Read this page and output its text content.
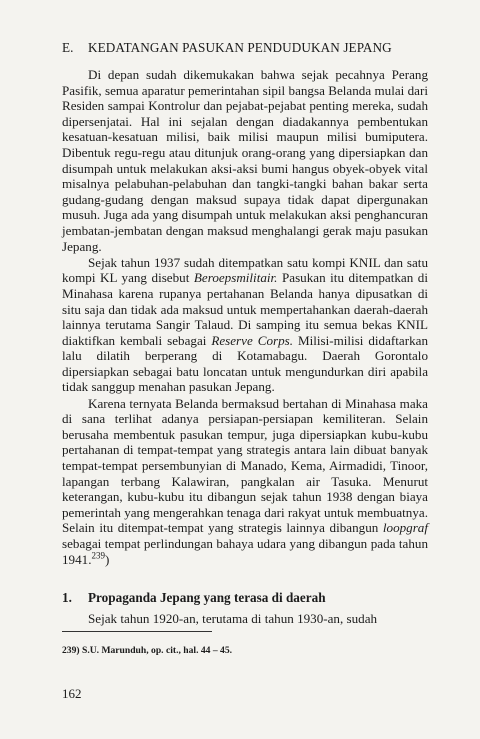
E. KEDATANGAN PASUKAN PENDUDUKAN JEPANG

Di depan sudah dikemukakan bahwa sejak pecahnya Perang Pasifik, semua aparatur pemerintahan sipil bangsa Belanda mulai dari Residen sampai Kontrolur dan pejabat-pejabat penting mereka, sudah dipersenjatai. Hal ini sejalan dengan diadakannya pembentukan kesatuan-kesatuan milisi, baik milisi maupun milisi bumiputera. Dibentuk regu-regu atau ditunjuk orang-orang yang dipersiapkan dan disumpah untuk melakukan aksi-aksi bumi hangus obyek-obyek vital misalnya pelabuhan-pelabuhan dan tangki-tangki bahan bakar serta gudang-gudang dengan maksud supaya tidak dapat dipergunakan musuh. Juga ada yang disumpah untuk melakukan aksi penghancuran jembatan-jembatan dengan maksud menghalangi gerak maju pasukan Jepang.

Sejak tahun 1937 sudah ditempatkan satu kompi KNIL dan satu kompi KL yang disebut Beroepsmilitair. Pasukan itu ditempatkan di Minahasa karena rupanya pertahanan Belanda hanya dipusatkan di situ saja dan tidak ada maksud untuk mempertahankan daerah-daerah lainnya terutama Sangir Talaud. Di samping itu semua bekas KNIL diaktifkan kembali sebagai Reserve Corps. Milisi-milisi didaftarkan lalu dilatih berperang di Kotamabagu. Daerah Gorontalo dipersiapkan sebagai batu loncatan untuk mengundurkan diri apabila tidak sanggup menahan pasukan Jepang.

Karena ternyata Belanda bermaksud bertahan di Minahasa maka di sana terlihat adanya persiapan-persiapan kemiliteran. Selain berusaha membentuk pasukan tempur, juga dipersiapkan kubu-kubu pertahanan di tempat-tempat yang strategis antara lain dibuat banyak tempat-tempat persembunyian di Manado, Kema, Airmadidi, Tinoor, lapangan terbang Kalawiran, pangkalan air Tasuka. Menurut keterangan, kubu-kubu itu dibangun sejak tahun 1938 dengan biaya pemerintah yang mengerahkan tenaga dari rakyat untuk membuatnya. Selain itu ditempat-tempat yang strategis lainnya dibangun loopgraf sebagai tempat perlindungan bahaya udara yang dibangun pada tahun 1941.$^{239}$)

1. Propaganda Jepang yang terasa di daerah
Sejak tahun 1920-an, terutama di tahun 1930-an, sudah
239) S.U. Marunduh, op. cit., hal. 44 – 45.
162
